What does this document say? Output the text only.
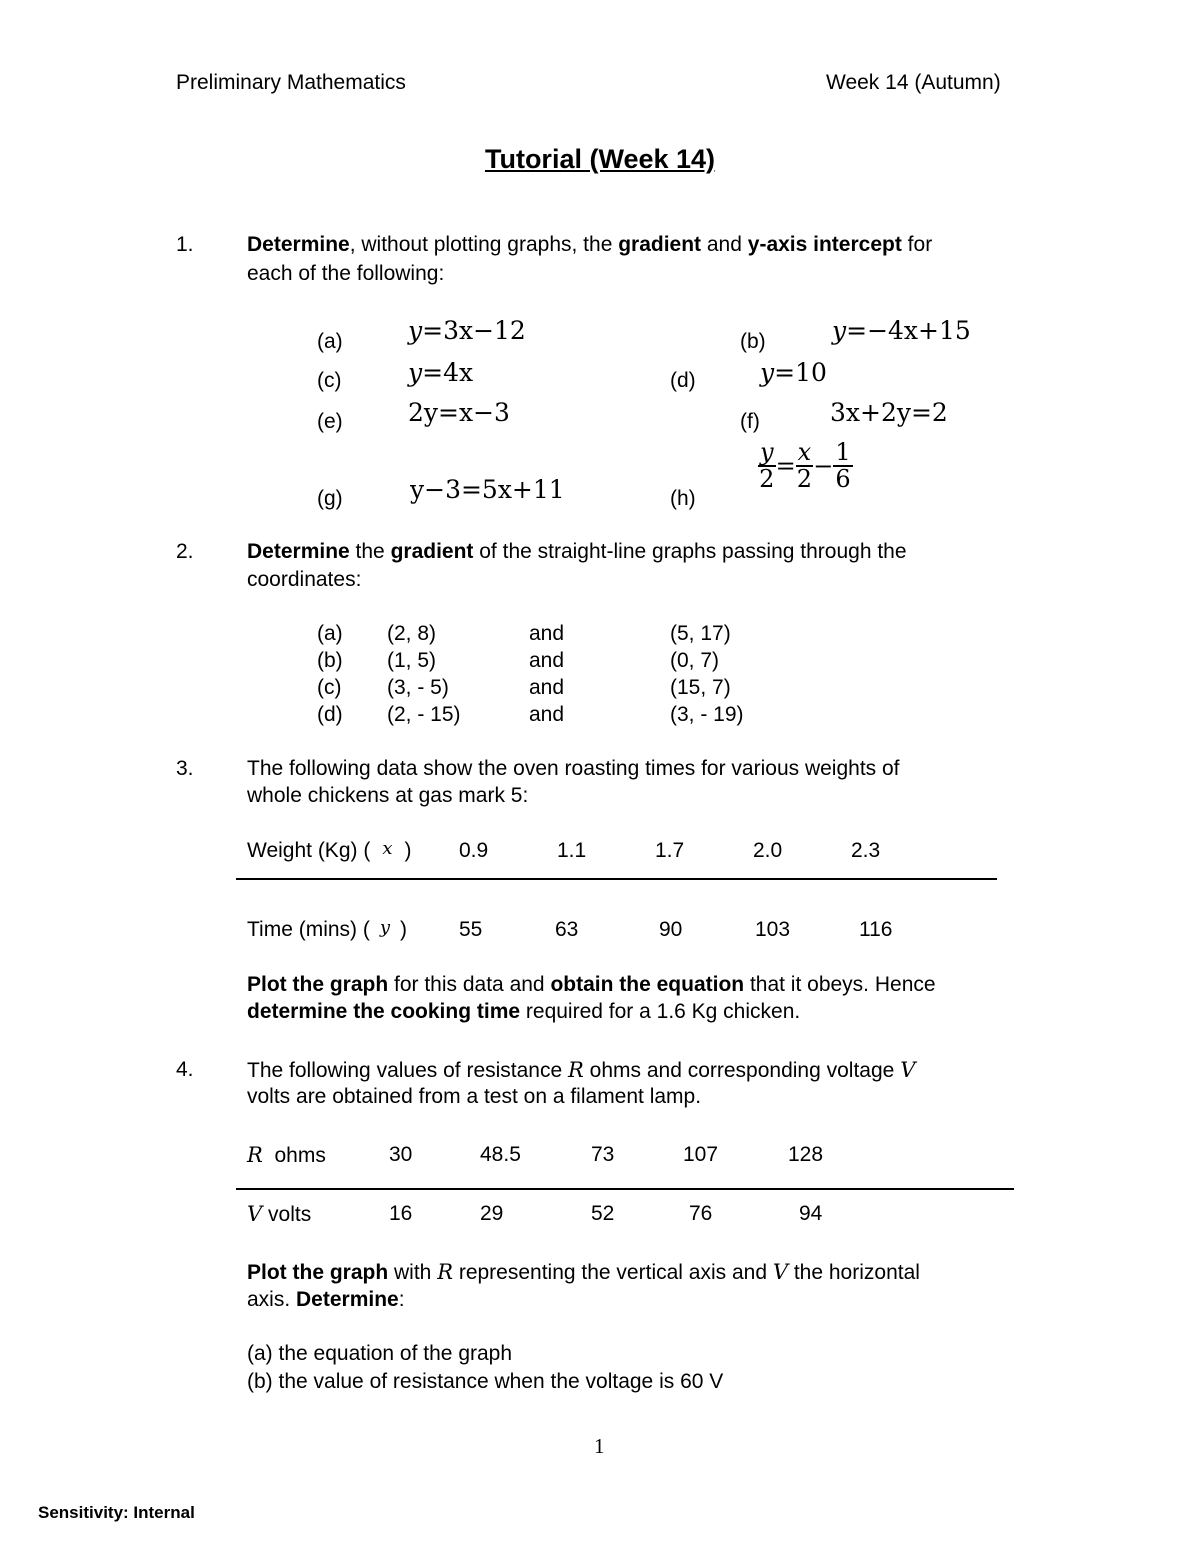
Preliminary Mathematics	Week 14 (Autumn)
Tutorial (Week 14)
1.	Determine, without plotting graphs, the gradient and y-axis intercept for
each of the following:
(a)	y=3x−12	(b)	y=−4x+15
(c)	y=4x	(d)	y=10
(e)	2y=x−3	(f)	3x+2y=2
(g)	y−3=5x+11	(h)
$\frac{y}{2} = \frac{x}{2} - \frac{1}{6}$
2.	Determine the gradient of the straight-line graphs passing through the
coordinates:
(a) (2, 8)	and	(5, 17)
(b) (1, 5)	and	(0, 7)
(c) (3, - 5)	and	(15, 7)
(d) (2, - 15)	and	(3, - 19)
3.	The following data show the oven roasting times for various weights of
whole chickens at gas mark 5:
Weight (Kg) ( x ) 0.9	1.1	1.7	2.0	2.3
Time (mins) ( y ) 55	63	90	103	116
Plot the graph for this data and obtain the equation that it obeys. Hence
determine the cooking time required for a 1.6 Kg chicken.
4.	The following values of resistance R ohms and corresponding voltage V
volts are obtained from a test on a filament lamp.
R ohms	30	48.5	73	107	128
V volts	16	29	52	76	94
Plot the graph with R representing the vertical axis and V the horizontal
axis. Determine:
(a) the equation of the graph
(b) the value of resistance when the voltage is 60 V
1
Sensitivity: Internal
